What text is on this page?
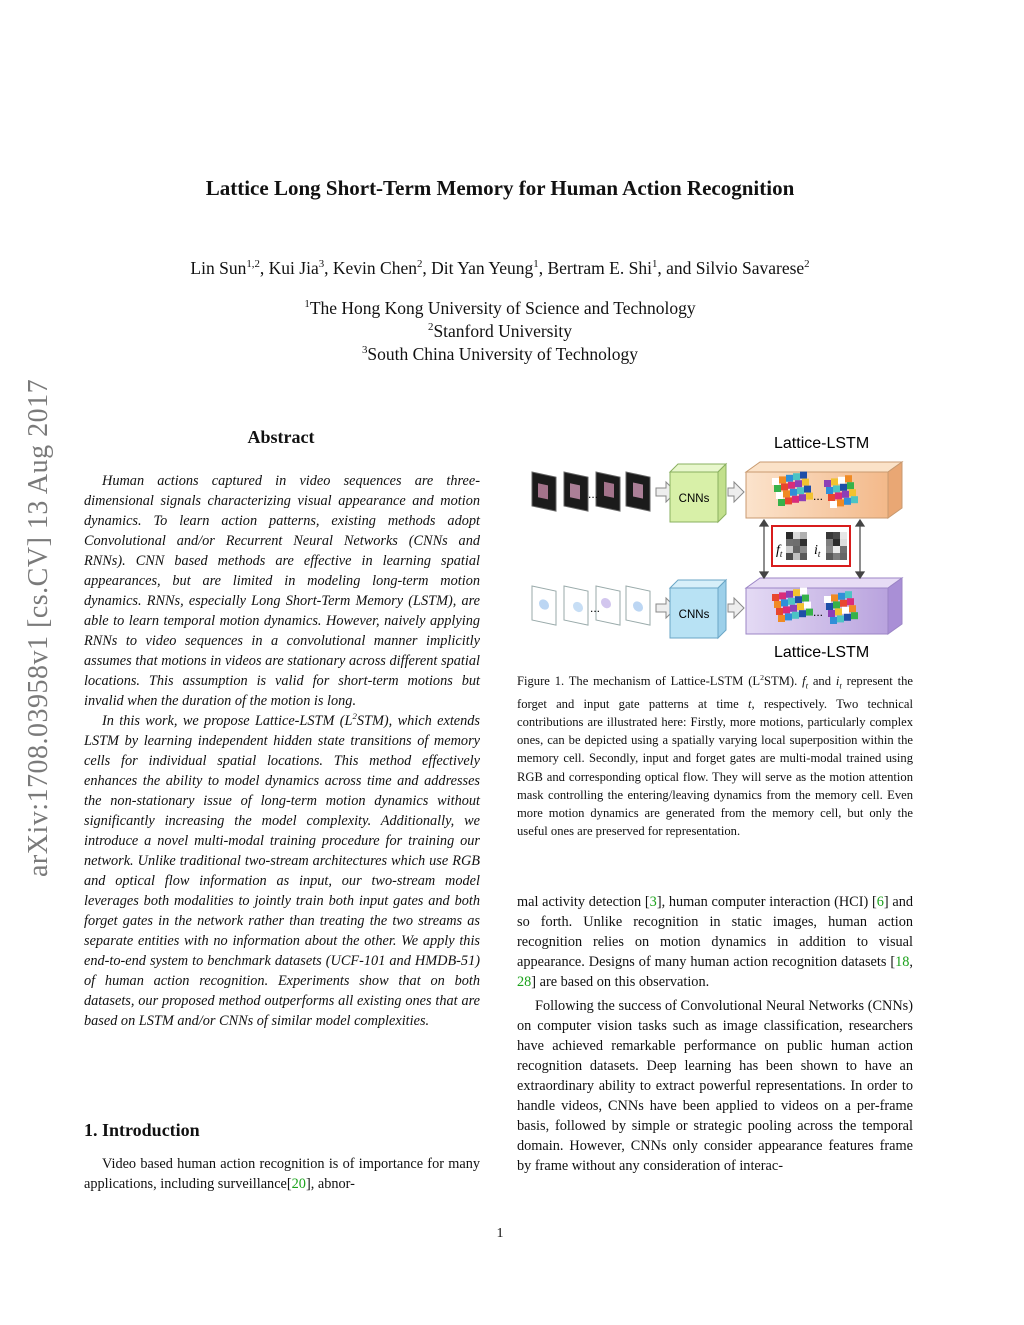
Lattice Long Short-Term Memory for Human Action Recognition
Lin Sun$^{1,2}$, Kui Jia$^3$, Kevin Chen$^2$, Dit Yan Yeung$^1$, Bertram E. Shi$^1$, and Silvio Savarese$^2$
$^1$The Hong Kong University of Science and Technology
$^2$Stanford University
$^3$South China University of Technology
arXiv:1708.03958v1 [cs.CV] 13 Aug 2017	Abstract

Human actions captured in video sequences are three-dimensional signals characterizing visual appearance and motion dynamics. To learn action patterns, existing methods adopt Convolutional and/or Recurrent Neural Networks (CNNs and RNNs). CNN based methods are effective in learning spatial appearances, but are limited in modeling long-term motion dynamics. RNNs, especially Long Short-Term Memory (LSTM), are able to learn temporal motion dynamics. However, naively applying RNNs to video sequences in a convolutional manner implicitly assumes that motions in videos are stationary across different spatial locations. This assumption is valid for short-term motions but invalid when the duration of the motion is long.

In this work, we propose Lattice-LSTM $(L^2STM)$, which extends LSTM by learning independent hidden state transitions of memory cells for individual spatial locations. This method effectively enhances the ability to model dynamics across time and addresses the non-stationary issue of long-term motion dynamics without significantly increasing the model complexity. Additionally, we introduce a novel multi-modal training procedure for training our network. Unlike traditional two-stream architectures which use RGB and optical flow information as input, our two-stream model leverages both modalities to jointly train both input gates and both forget gates in the network rather than treating the two streams as separate entities with no information about the other. We apply this end-to-end system to benchmark datasets (UCF-101 and HMDB-51) of human action recognition. Experiments show that on both datasets, our proposed method outperforms all existing ones that are based on LSTM and/or CNNs of similar model complexities.

1. Introduction

Video based human action recognition is of importance for many applications, including surveillance[20], abnor-

Lattice-LSTM
...
...
CNNs
CNNs
...
...
$f_t$ $i_t$
Lattice-LSTM
Figure 1. The mechanism of Lattice-LSTM $(L^2STM)$. $f_t$ and $i_t$ represent the forget and input gate patterns at time t, respectively. Two technical contributions are illustrated here: Firstly, more motions, particularly complex ones, can be depicted using a spatially varying local superposition within the memory cell. Secondly, input and forget gates are multi-modal trained using RGB and corresponding optical flow. They will serve as the motion attention mask controlling the entering/leaving dynamics from the memory cell. Even more motion dynamics are generated from the memory cell, but only the useful ones are preserved for representation.

mal activity detection [3], human computer interaction (HCI) [6] and so forth. Unlike recognition in static images, human action recognition relies on motion dynamics in addition to visual appearance. Designs of many human action recognition datasets [18, 28] are based on this observation.

Following the success of Convolutional Neural Networks (CNNs) on computer vision tasks such as image classification, researchers have achieved remarkable performance on public human action recognition datasets. Deep learning has been shown to have an extraordinary ability to extract powerful representations. In order to handle videos, CNNs have been applied to videos on a per-frame basis, followed by simple or strategic pooling across the temporal domain. However, CNNs only consider appearance features frame by frame without any consideration of interac-

1
